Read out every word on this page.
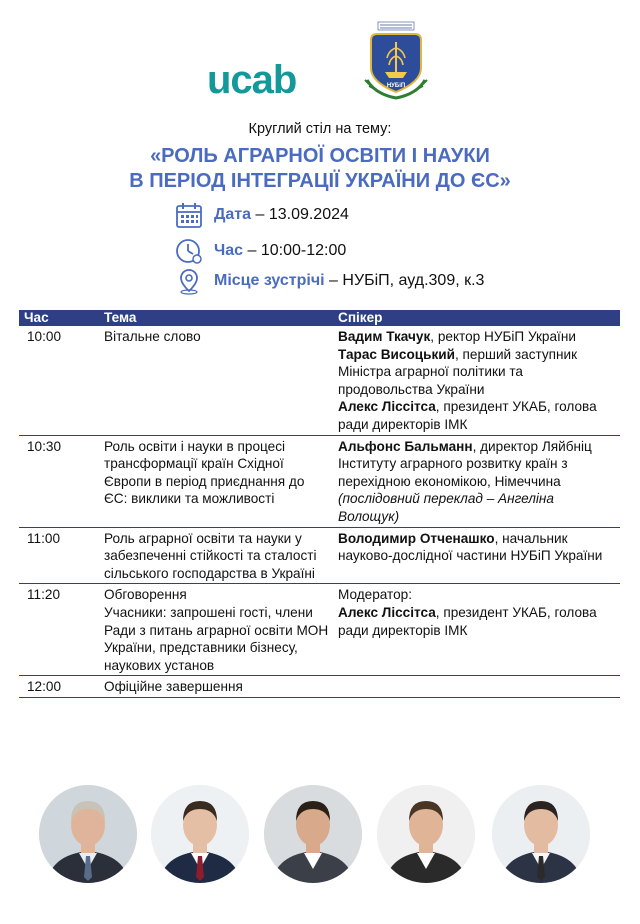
ucab	НУБіП
Круглий стіл на тему:
«РОЛЬ АГРАРНОЇ ОСВІТИ І НАУКИ
В ПЕРІОД ІНТЕГРАЦІЇ УКРАЇНИ ДО ЄС»
Дата – 13.09.2024
Час – 10:00-12:00
Місце зустрічі – НУБіП, ауд.309, к.3
Час	Тема	Спікер
10:00	Вітальне слово	Вадим Ткачук, ректор НУБіП України
Тарас Висоцький, перший заступник Міністра аграрної політики та продовольства України
Алекс Ліссітса, президент УКАБ, голова ради директорів ІМК

10:30	Роль освіти і науки в процесі трансформації країн Східної Європи в період приєднання до ЄС: виклики та можливості	Альфонс Бальманн, директор Ляйбніц Інституту аграрного розвитку країн з перехідною економікою, Німеччина
(послідовний переклад – Ангеліна Волощук)

11:00	Роль аграрної освіти та науки у забезпеченні стійкості та сталості сільського господарства в Україні	Володимир Отченашко, начальник науково-дослідної частини НУБіП України

11:20	Обговорення
Учасники: запрошені гості, члени Ради з питань аграрної освіти МОН України, представники бізнесу, наукових установ	Модератор:
Алекс Ліссітса, президент УКАБ, голова ради директорів ІМК

12:00	Офіційне завершення	
